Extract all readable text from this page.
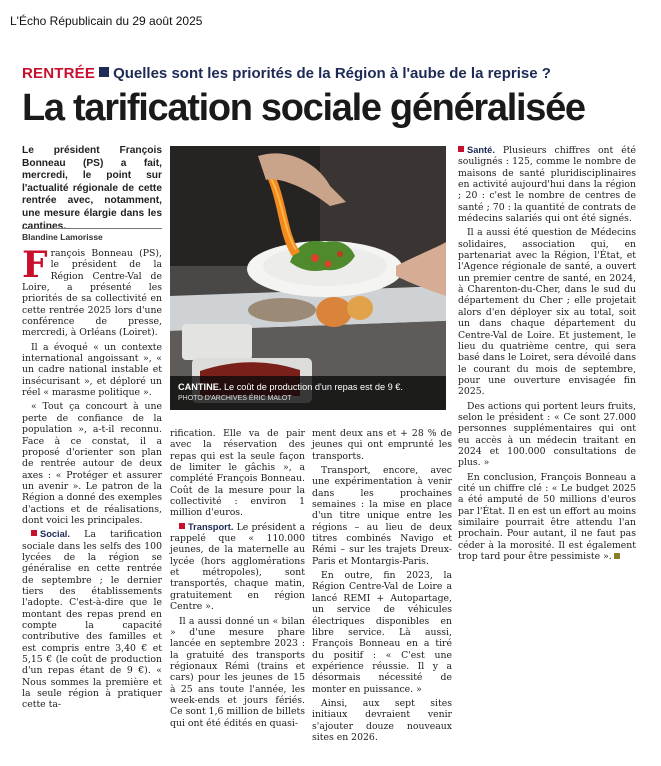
L'Écho Républicain du 29 août 2025
RENTRÉE Quelles sont les priorités de la Région à l'aube de la reprise ?
La tarification sociale généralisée
Le président François Bonneau (PS) a fait, mercredi, le point sur l'actualité régionale de cette rentrée avec, notamment, une mesure élargie dans les cantines.
Blandine Lamorisse

François Bonneau (PS), le président de la Région Centre-Val de Loire, a présenté les priorités de sa collectivité en cette rentrée 2025 lors d'une conférence de presse, mercredi, à Orléans (Loiret).

Il a évoqué « un contexte international angoissant », « un cadre national instable et insécurisant », et déploré un réel « marasme politique ».

« Tout ça concourt à une perte de confiance de la population », a-t-il reconnu. Face à ce constat, il a proposé d'orienter son plan de rentrée autour de deux axes : « Protéger et assurer un avenir ». Le patron de la Région a donné des exemples d'actions et de réalisations, dont voici les principales.

Social. La tarification sociale dans les selfs des 100 lycées de la région se généralise en cette rentrée de septembre ; le dernier tiers des établissements l'adopte. C'est-à-dire que le montant des repas prend en compte la capacité contributive des familles et est compris entre 3,40 € et 5,15 € (le coût de production d'un repas étant de 9 €). « Nous sommes la première et la seule région à pratiquer cette ta-

CANTINE. Le coût de production d'un repas est de 9 €.
PHOTO D'ARCHIVES ÉRIC MALOT

rification. Elle va de pair avec la réservation des repas qui est la seule façon de limiter le gâchis », a complété François Bonneau. Coût de la mesure pour la collectivité : environ 1 million d'euros.

Transport. Le président a rappelé que « 110.000 jeunes, de la maternelle au lycée (hors agglomérations et métropoles), sont transportés, chaque matin, gratuitement en région Centre ».

Il a aussi donné un « bilan » d'une mesure phare lancée en septembre 2023 : la gratuité des transports régionaux Rémi (trains et cars) pour les jeunes de 15 à 25 ans toute l'année, les week-ends et jours fériés. Ce sont 1,6 million de billets qui ont été édités en quasi-

ment deux ans et + 28 % de jeunes qui ont emprunté les transports.

Transport, encore, avec une expérimentation à venir dans les prochaines semaines : la mise en place d'un titre unique entre les régions – au lieu de deux titres combinés Navigo et Rémi – sur les trajets Dreux-Paris et Montargis-Paris.

En outre, fin 2023, la Région Centre-Val de Loire a lancé REMI + Autopartage, un service de véhicules électriques disponibles en libre service. Là aussi, François Bonneau en a tiré du positif : « C'est une expérience réussie. Il y a désormais nécessité de monter en puissance. »

Ainsi, aux sept sites initiaux devraient venir s'ajouter douze nouveaux sites en 2026.

Santé. Plusieurs chiffres ont été soulignés : 125, comme le nombre de maisons de santé pluridisciplinaires en activité aujourd'hui dans la région ; 20 : c'est le nombre de centres de santé ; 70 : la quantité de contrats de médecins salariés qui ont été signés.

Il a aussi été question de Médecins solidaires, association qui, en partenariat avec la Région, l'État, et l'Agence régionale de santé, a ouvert un premier centre de santé, en 2024, à Charenton-du-Cher, dans le sud du département du Cher ; elle projetait alors d'en déployer six au total, soit un dans chaque département du Centre-Val de Loire. Et justement, le lieu du quatrième centre, qui sera basé dans le Loiret, sera dévoilé dans le courant du mois de septembre, pour une ouverture envisagée fin 2025.

Des actions qui portent leurs fruits, selon le président : « Ce sont 27.000 personnes supplémentaires qui ont eu accès à un médecin traitant en 2024 et 100.000 consultations de plus. »

En conclusion, François Bonneau a cité un chiffre clé : « Le budget 2025 a été amputé de 50 millions d'euros par l'État. Il en est un effort au moins similaire pourrait être attendu l'an prochain. Pour autant, il ne faut pas céder à la morosité. Il est également trop tard pour être pessimiste ».
